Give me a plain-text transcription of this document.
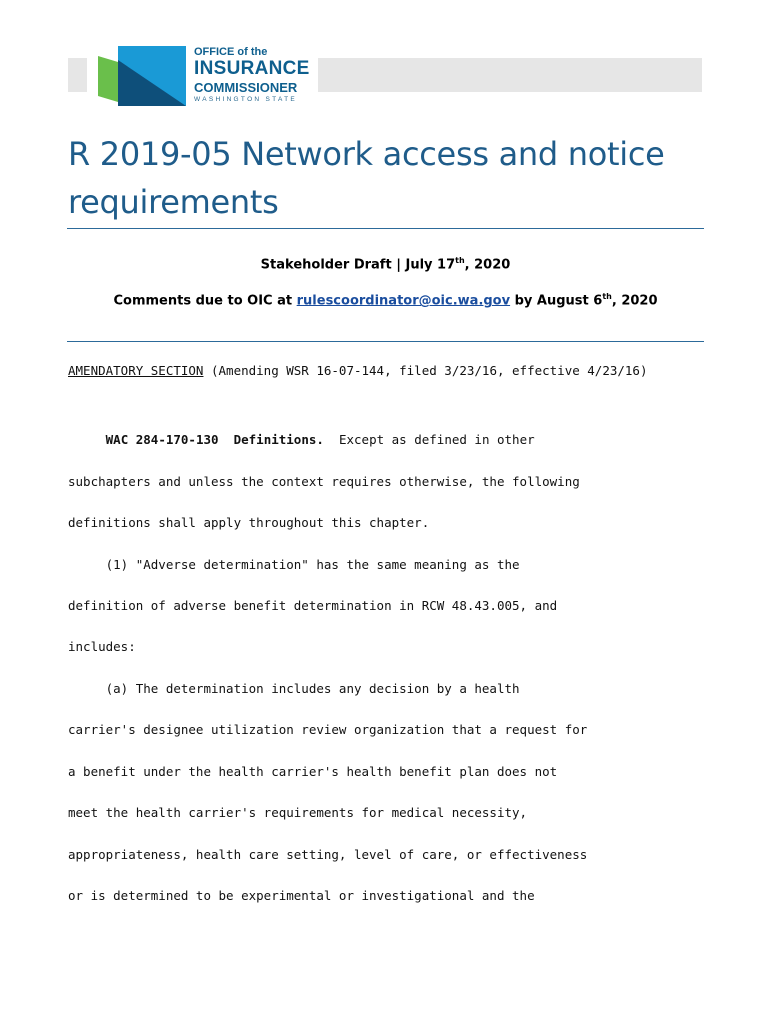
OFFICE of the
INSURANCE
COMMISSIONER
WASHINGTON STATE
R 2019-05 Network access and notice requirements
Stakeholder Draft | July 17th, 2020
Comments due to OIC at rulescoordinator@oic.wa.gov by August 6th, 2020
AMENDATORY SECTION (Amending WSR 16-07-144, filed 3/23/16, effective 4/23/16)
WAC 284-170-130 Definitions. Except as defined in other
subchapters and unless the context requires otherwise, the following
definitions shall apply throughout this chapter.
(1) "Adverse determination" has the same meaning as the
definition of adverse benefit determination in RCW 48.43.005, and
includes:
(a) The determination includes any decision by a health
carrier's designee utilization review organization that a request for
a benefit under the health carrier's health benefit plan does not
meet the health carrier's requirements for medical necessity,
appropriateness, health care setting, level of care, or effectiveness
or is determined to be experimental or investigational and the
